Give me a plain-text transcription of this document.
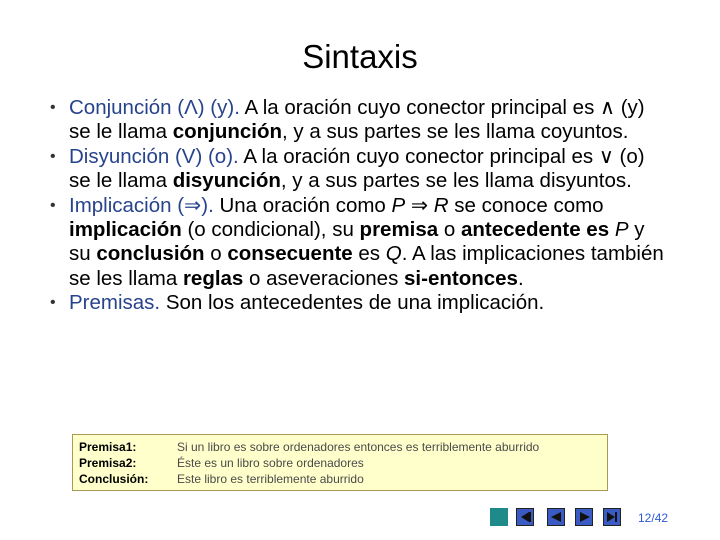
Sintaxis
• Conjunción (Λ) (y). A la oración cuyo conector principal es ∧ (y) se le llama conjunción, y a sus partes se les llama coyuntos.
• Disyunción (V) (o). A la oración cuyo conector principal es ∨ (o) se le llama disyunción, y a sus partes se les llama disyuntos.
• Implicación (⇒). Una oración como P ⇒ R se conoce como implicación (o condicional), su premisa o antecedente es P y su conclusión o consecuente es Q. A las implicaciones también se les llama reglas o aseveraciones si-entonces.
• Premisas. Son los antecedentes de una implicación.
Premisa1:
Premisa2:
Conclusión:
Si un libro es sobre ordenadores entonces es terriblemente aburrido
Éste es un libro sobre ordenadores
Este libro es terriblemente aburrido
12/42
